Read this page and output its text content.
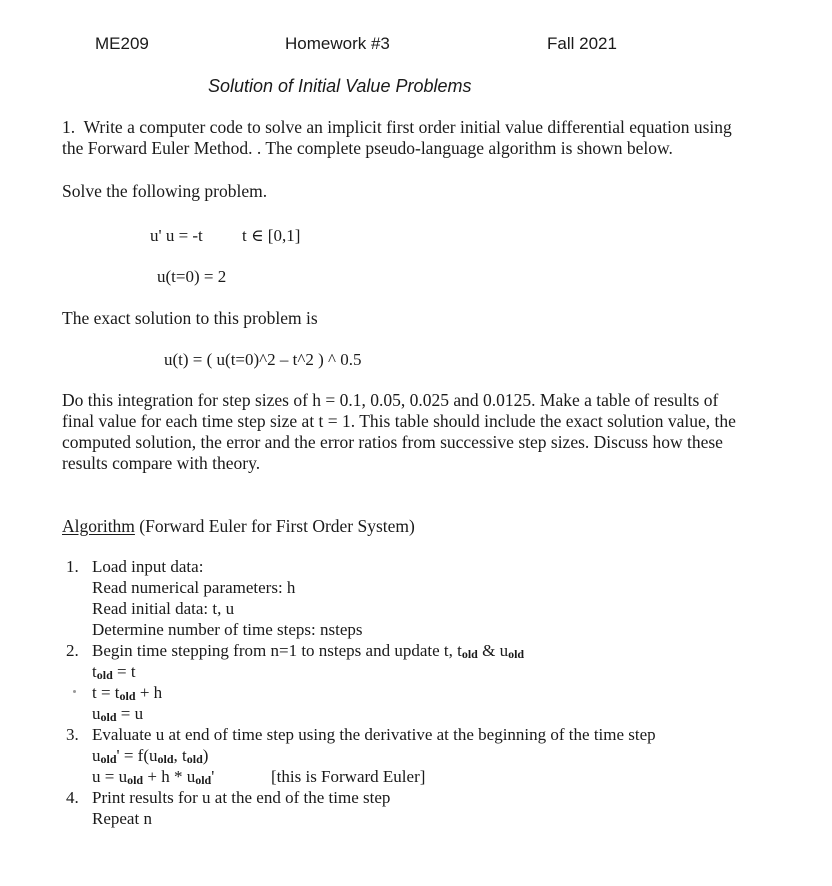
ME209	Homework #3	Fall 2021
Solution of Initial Value Problems
1. Write a computer code to solve an implicit first order initial value differential equation using
the Forward Euler Method. . The complete pseudo-language algorithm is shown below.
Solve the following problem.
u' u = -t t ∈ [0,1]
u(t=0) = 2
The exact solution to this problem is
u(t) = ( u(t=0)^2 – t^2 ) ^ 0.5
Do this integration for step sizes of h = 0.1, 0.05, 0.025 and 0.0125. Make a table of results of
final value for each time step size at t = 1. This table should include the exact solution value, the
computed solution, the error and the error ratios from successive step sizes. Discuss how these
results compare with theory.
Algorithm (Forward Euler for First Order System)
1. Load input data:
Read numerical parameters: h
Read initial data: t, u
Determine number of time steps: nsteps
2. Begin time stepping from n=1 to nsteps and update t, told & uold
told = t
t = told + h
uold = u
3. Evaluate u at end of time step using the derivative at the beginning of the time step
uold' = f(uold, told)
u = uold + h * uold'	[this is Forward Euler]
4. Print results for u at the end of the time step
Repeat n
